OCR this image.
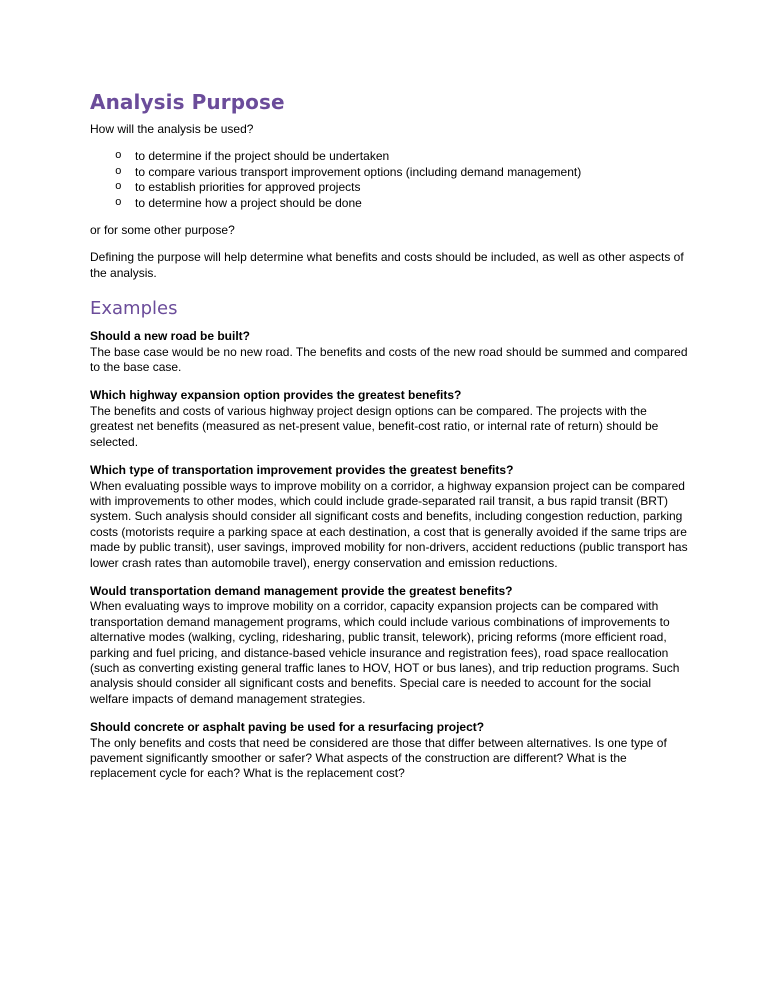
Analysis Purpose

How will the analysis be used?

o	to determine if the project should be undertaken
o	to compare various transport improvement options (including demand management)
o	to establish priorities for approved projects
o	to determine how a project should be done

or for some other purpose?

Defining the purpose will help determine what benefits and costs should be included, as well as other aspects of the analysis.

Examples

Should a new road be built?

The base case would be no new road. The benefits and costs of the new road should be summed and compared to the base case.

Which highway expansion option provides the greatest benefits?

The benefits and costs of various highway project design options can be compared. The projects with the greatest net benefits (measured as net-present value, benefit-cost ratio, or internal rate of return) should be selected.

Which type of transportation improvement provides the greatest benefits?

When evaluating possible ways to improve mobility on a corridor, a highway expansion project can be compared with improvements to other modes, which could include grade-separated rail transit, a bus rapid transit (BRT) system. Such analysis should consider all significant costs and benefits, including congestion reduction, parking costs (motorists require a parking space at each destination, a cost that is generally avoided if the same trips are made by public transit), user savings, improved mobility for non-drivers, accident reductions (public transport has lower crash rates than automobile travel), energy conservation and emission reductions.

Would transportation demand management provide the greatest benefits?

When evaluating ways to improve mobility on a corridor, capacity expansion projects can be compared with transportation demand management programs, which could include various combinations of improvements to alternative modes (walking, cycling, ridesharing, public transit, telework), pricing reforms (more efficient road, parking and fuel pricing, and distance-based vehicle insurance and registration fees), road space reallocation (such as converting existing general traffic lanes to HOV, HOT or bus lanes), and trip reduction programs. Such analysis should consider all significant costs and benefits. Special care is needed to account for the social welfare impacts of demand management strategies.

Should concrete or asphalt paving be used for a resurfacing project?

The only benefits and costs that need be considered are those that differ between alternatives. Is one type of pavement significantly smoother or safer? What aspects of the construction are different? What is the replacement cycle for each? What is the replacement cost?
